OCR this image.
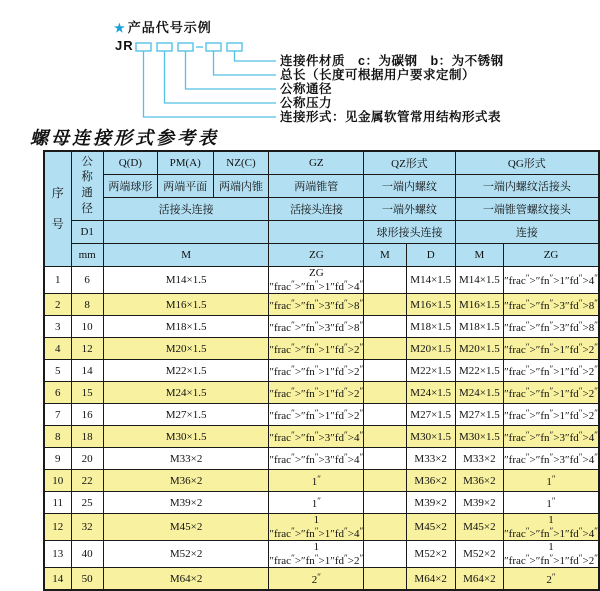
★ 产品代号示例
JR
连接件材质　c：为碳钢　b：为不锈钢
总长（长度可根据用户要求定制）
公称通径
公称压力
连接形式：见金属软管常用结构形式表
螺母连接形式参考表
序号	公称通径	Q(D)	PM(A)	NZ(C)	GZ	QZ形式		QG形式	
		两端球形	两端平面	两端内锥	两端锥管	一端内螺纹		一端内螺纹活接头	
		活接头连接			活接头连接	一端外螺纹		一端锥管螺纹接头	
	D1					球形接头连接		连接	
	mm	M			ZG	M	D	M	ZG
1	6	M14×1.5			ZG ″frac″>″fn″>1″fd″>4″		M14×1.5	M14×1.5	″frac″>″fn″>1″fd″>4″
2	8	M16×1.5			″frac″>″fn″>3″fd″>8″		M16×1.5	M16×1.5	″frac″>″fn″>3″fd″>8″
3	10	M18×1.5			″frac″>″fn″>3″fd″>8″		M18×1.5	M18×1.5	″frac″>″fn″>3″fd″>8″
4	12	M20×1.5			″frac″>″fn″>1″fd″>2″		M20×1.5	M20×1.5	″frac″>″fn″>1″fd″>2″
5	14	M22×1.5			″frac″>″fn″>1″fd″>2″		M22×1.5	M22×1.5	″frac″>″fn″>1″fd″>2″
6	15	M24×1.5			″frac″>″fn″>1″fd″>2″		M24×1.5	M24×1.5	″frac″>″fn″>1″fd″>2″
7	16	M27×1.5			″frac″>″fn″>1″fd″>2″		M27×1.5	M27×1.5	″frac″>″fn″>1″fd″>2″
8	18	M30×1.5			″frac″>″fn″>3″fd″>4″		M30×1.5	M30×1.5	″frac″>″fn″>3″fd″>4″
9	20	M33×2			″frac″>″fn″>3″fd″>4″		M33×2	M33×2	″frac″>″fn″>3″fd″>4″
10	22	M36×2			1″		M36×2	M36×2	1″
11	25	M39×2			1″		M39×2	M39×2	1″
12	32	M45×2			1 ″frac″>″fn″>1″fd″>4″		M45×2	M45×2	1 ″frac″>″fn″>1″fd″>4″
13	40	M52×2			1 ″frac″>″fn″>1″fd″>2″		M52×2	M52×2	1 ″frac″>″fn″>1″fd″>2″
14	50	M64×2			2″		M64×2	M64×2	2″
